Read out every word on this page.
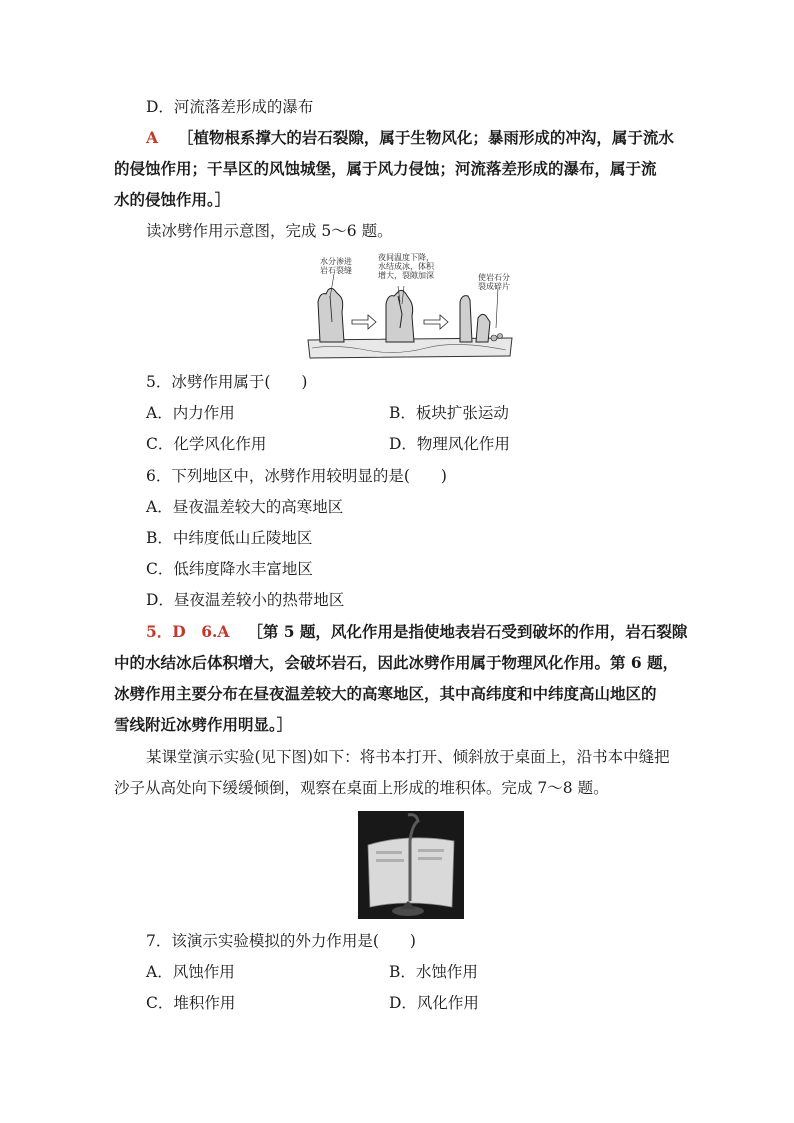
D．河流落差形成的瀑布
A ［植物根系撑大的岩石裂隙，属于生物风化；暴雨形成的冲沟，属于流水
的侵蚀作用；干旱区的风蚀城堡，属于风力侵蚀；河流落差形成的瀑布，属于流
水的侵蚀作用。］
读冰劈作用示意图，完成 5～6 题。
水分渗进
岩石裂缝
夜间温度下降，
水结成冰，体积
增大，裂隙加深	使岩石分
裂成碎片
5．冰劈作用属于(　　)
A．内力作用	B．板块扩张运动
C．化学风化作用	D．物理风化作用
6．下列地区中，冰劈作用较明显的是(　　)
A．昼夜温差较大的高寒地区
B．中纬度低山丘陵地区
C．低纬度降水丰富地区
D．昼夜温差较小的热带地区
5．D　6.A ［第 5 题，风化作用是指使地表岩石受到破坏的作用，岩石裂隙
中的水结冰后体积增大，会破坏岩石，因此冰劈作用属于物理风化作用。第 6 题，
冰劈作用主要分布在昼夜温差较大的高寒地区，其中高纬度和中纬度高山地区的
雪线附近冰劈作用明显。］
某课堂演示实验(见下图)如下：将书本打开、倾斜放于桌面上，沿书本中缝把
沙子从高处向下缓缓倾倒，观察在桌面上形成的堆积体。完成 7～8 题。
7．该演示实验模拟的外力作用是(　　)
A．风蚀作用	B．水蚀作用
C．堆积作用	D．风化作用
